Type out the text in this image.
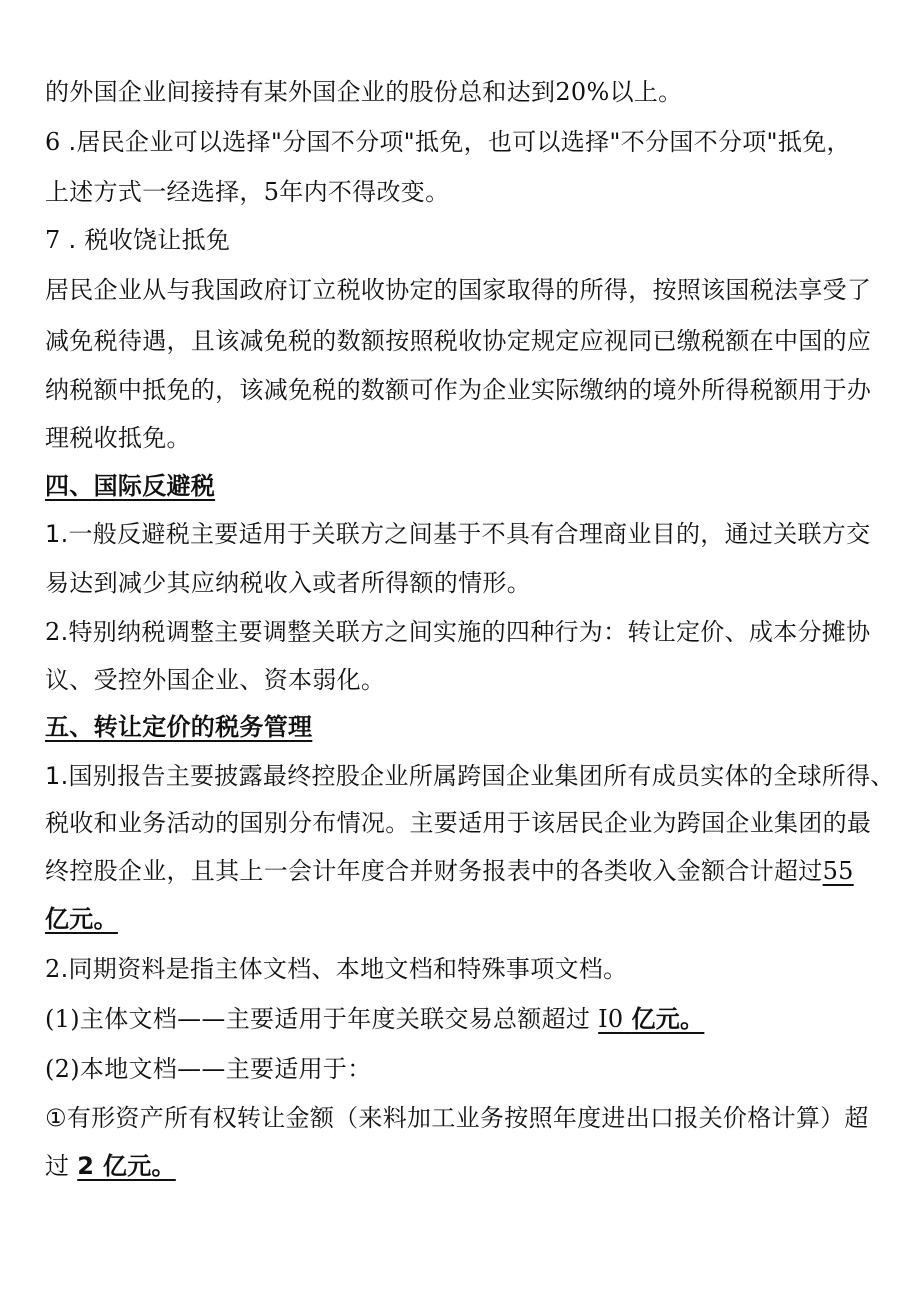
的外国企业间接持有某外国企业的股份总和达到20%以上。

6 .居民企业可以选择"分国不分项"抵免，也可以选择"不分国不分项"抵免，

上述方式一经选择，5年内不得改变。

7 . 税收饶让抵免

居民企业从与我国政府订立税收协定的国家取得的所得，按照该国税法享受了

减免税待遇，且该减免税的数额按照税收协定规定应视同已缴税额在中国的应

纳税额中抵免的，该减免税的数额可作为企业实际缴纳的境外所得税额用于办

理税收抵免。

四、国际反避税

1.一般反避税主要适用于关联方之间基于不具有合理商业目的，通过关联方交

易达到减少其应纳税收入或者所得额的情形。

2.特别纳税调整主要调整关联方之间实施的四种行为：转让定价、成本分摊协

议、受控外国企业、资本弱化。

五、转让定价的税务管理

1.国别报告主要披露最终控股企业所属跨国企业集团所有成员实体的全球所得、

税收和业务活动的国别分布情况。主要适用于该居民企业为跨国企业集团的最

终控股企业，且其上一会计年度合并财务报表中的各类收入金额合计超过55

亿元。

2.同期资料是指主体文档、本地文档和特殊事项文档。

(1)主体文档——主要适用于年度关联交易总额超过 I0 亿元。

(2)本地文档——主要适用于：

①有形资产所有权转让金额（来料加工业务按照年度进出口报关价格计算）超

过 2 亿元。
